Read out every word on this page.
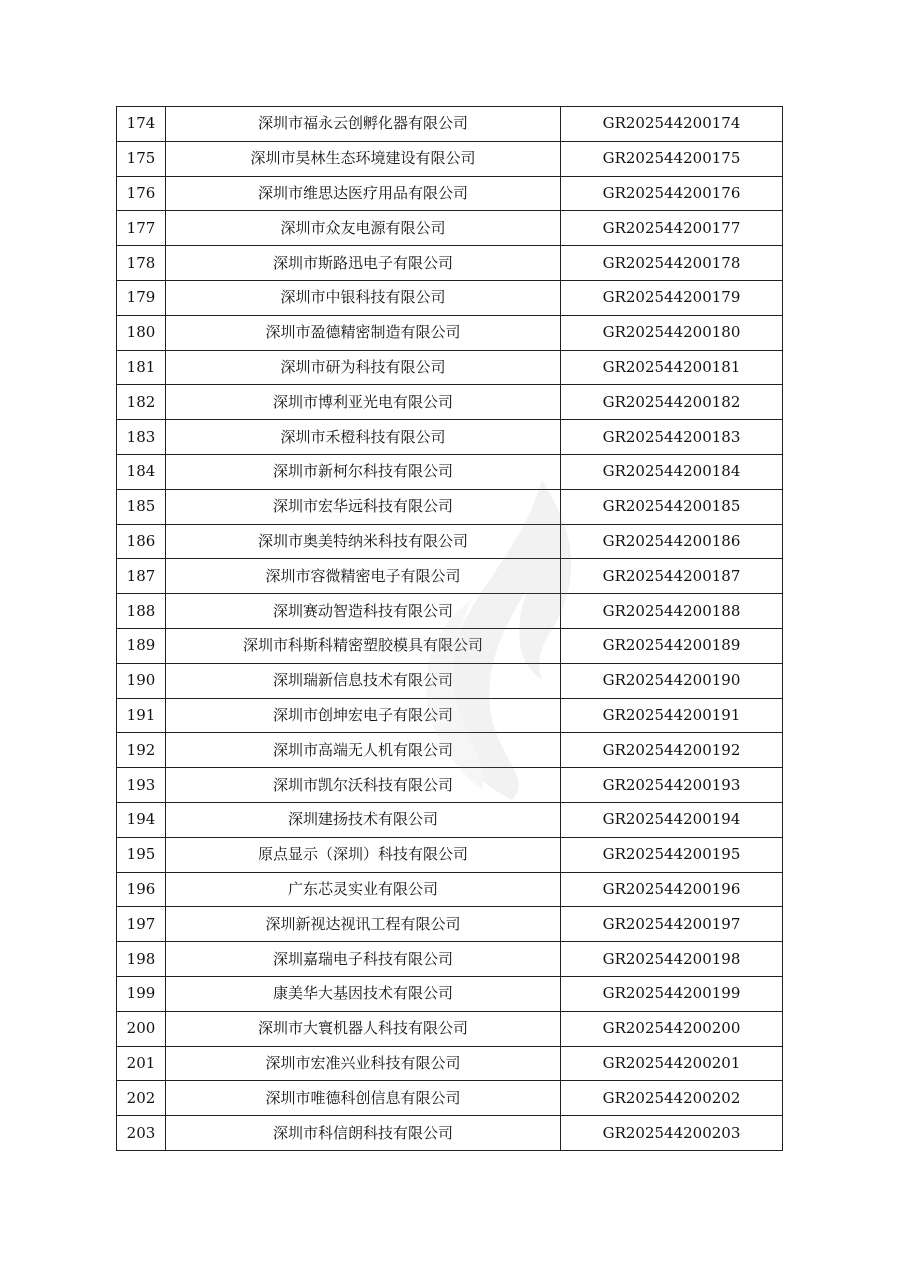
174	深圳市福永云创孵化器有限公司	GR202544200174
175	深圳市昊林生态环境建设有限公司	GR202544200175
176	深圳市维思达医疗用品有限公司	GR202544200176
177	深圳市众友电源有限公司	GR202544200177
178	深圳市斯路迅电子有限公司	GR202544200178
179	深圳市中银科技有限公司	GR202544200179
180	深圳市盈德精密制造有限公司	GR202544200180
181	深圳市研为科技有限公司	GR202544200181
182	深圳市博利亚光电有限公司	GR202544200182
183	深圳市禾橙科技有限公司	GR202544200183
184	深圳市新柯尔科技有限公司	GR202544200184
185	深圳市宏华远科技有限公司	GR202544200185
186	深圳市奥美特纳米科技有限公司	GR202544200186
187	深圳市容微精密电子有限公司	GR202544200187
188	深圳赛动智造科技有限公司	GR202544200188
189	深圳市科斯科精密塑胶模具有限公司	GR202544200189
190	深圳瑞新信息技术有限公司	GR202544200190
191	深圳市创坤宏电子有限公司	GR202544200191
192	深圳市高端无人机有限公司	GR202544200192
193	深圳市凯尔沃科技有限公司	GR202544200193
194	深圳建扬技术有限公司	GR202544200194
195	原点显示（深圳）科技有限公司	GR202544200195
196	广东芯灵实业有限公司	GR202544200196
197	深圳新视达视讯工程有限公司	GR202544200197
198	深圳嘉瑞电子科技有限公司	GR202544200198
199	康美华大基因技术有限公司	GR202544200199
200	深圳市大寰机器人科技有限公司	GR202544200200
201	深圳市宏准兴业科技有限公司	GR202544200201
202	深圳市唯德科创信息有限公司	GR202544200202
203	深圳市科信朗科技有限公司	GR202544200203
